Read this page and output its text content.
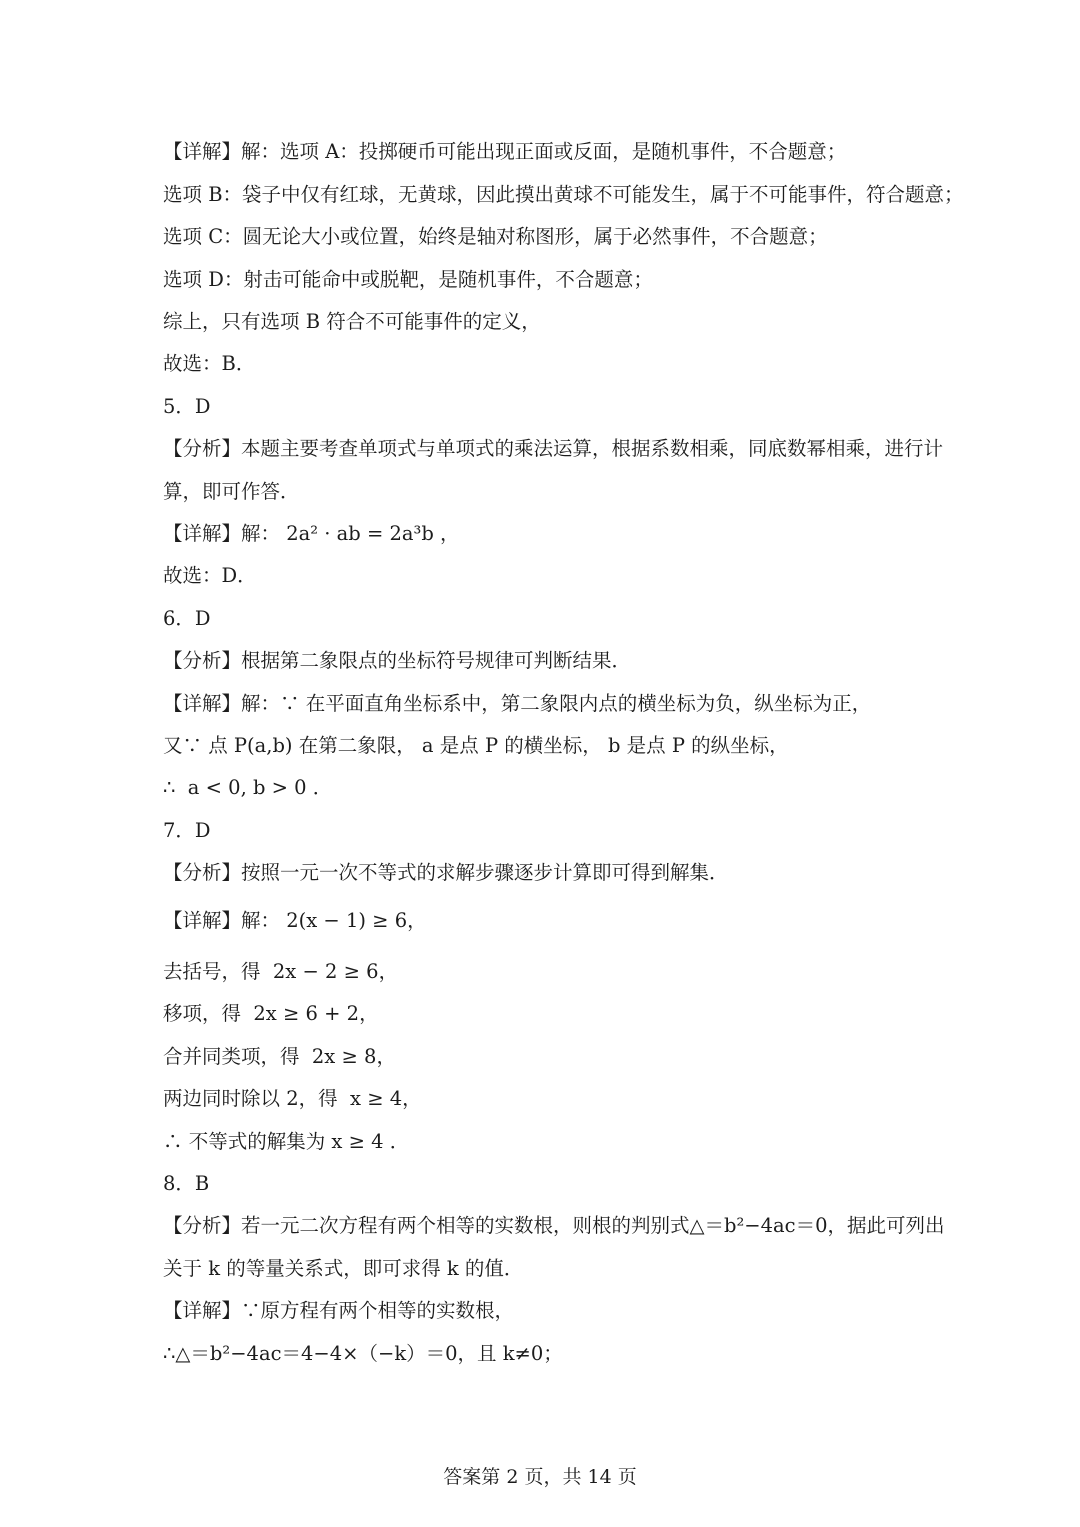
【详解】解：选项 A：投掷硬币可能出现正面或反面，是随机事件，不合题意；
选项 B：袋子中仅有红球，无黄球，因此摸出黄球不可能发生，属于不可能事件，符合题意；
选项 C：圆无论大小或位置，始终是轴对称图形，属于必然事件，不合题意；
选项 D：射击可能命中或脱靶，是随机事件，不合题意；
综上，只有选项 B 符合不可能事件的定义，
故选：B．
5．D
【分析】本题主要考查单项式与单项式的乘法运算，根据系数相乘，同底数幂相乘，进行计
算，即可作答．
【详解】解： 2a² · ab = 2a³b ，
故选：D．
6．D
【分析】根据第二象限点的坐标符号规律可判断结果．
【详解】解：∵ 在平面直角坐标系中，第二象限内点的横坐标为负，纵坐标为正，
又∵ 点 P(a,b) 在第二象限， a 是点 P 的横坐标， b 是点 P 的纵坐标，
∴  a < 0, b > 0 ．
7．D
【分析】按照一元一次不等式的求解步骤逐步计算即可得到解集．
【详解】解： 2(x − 1) ≥ 6，
去括号，得  2x − 2 ≥ 6，
移项，得  2x ≥ 6 + 2，
合并同类项，得  2x ≥ 8，
两边同时除以 2，得  x ≥ 4，
∴ 不等式的解集为 x ≥ 4 ．
8．B
【分析】若一元二次方程有两个相等的实数根，则根的判别式△＝b²−4ac＝0，据此可列出
关于 k 的等量关系式，即可求得 k 的值．
【详解】∵原方程有两个相等的实数根，
∴△＝b²−4ac＝4−4×（−k）＝0，且 k≠0；
答案第 2 页，共 14 页
